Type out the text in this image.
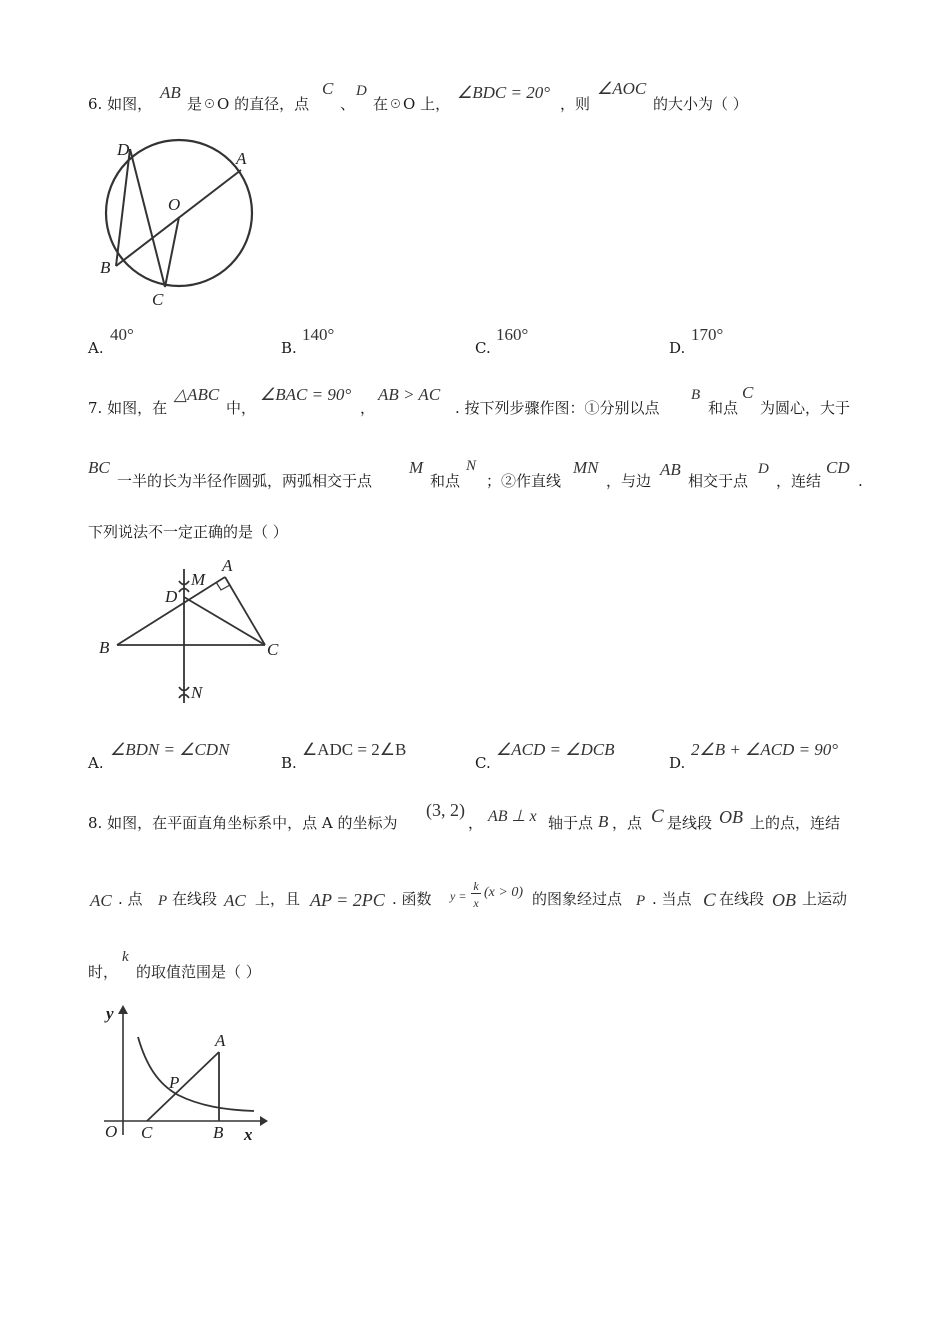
6. 如图，
AB
是☉O 的直径，点
C
、
D
在☉O 上，
∠BDC = 20°
，则
∠AOC
的大小为（ ）
D	A
O
B
C
A.
40°
B.
140°
C.
160°
D.
170°
7. 如图，在
△ABC
中，
∠BAC = 90°
，
AB > AC
. 按下列步骤作图：①分别以点
B
和点
C
为圆心，大于
BC
一半的长为半径作圆弧，两弧相交于点
M
和点
N
；②作直线
MN
，与边
AB
相交于点
D
，连结
CD
.
下列说法不一定正确的是（ ）
M
A
D
B	C
N
A.
∠BDN = ∠CDN
B.
∠ADC = 2∠B
C.
∠ACD = ∠DCB
D.
2∠B + ∠ACD = 90°
8. 如图，在平面直角坐标系中，点 A 的坐标为
(3, 2)
， AB ⊥ x 轴于点 B ，点 C 是线段 OB 上的点，连结
AC . 点 P 在线段 AC 上，且 AP = 2PC . 函数 y =
k
x
(x > 0) 的图象经过点 P . 当点 C 在线段 OB 上运动
时，
k
的取值范围是（ ）
y
A
P
O C	B x
